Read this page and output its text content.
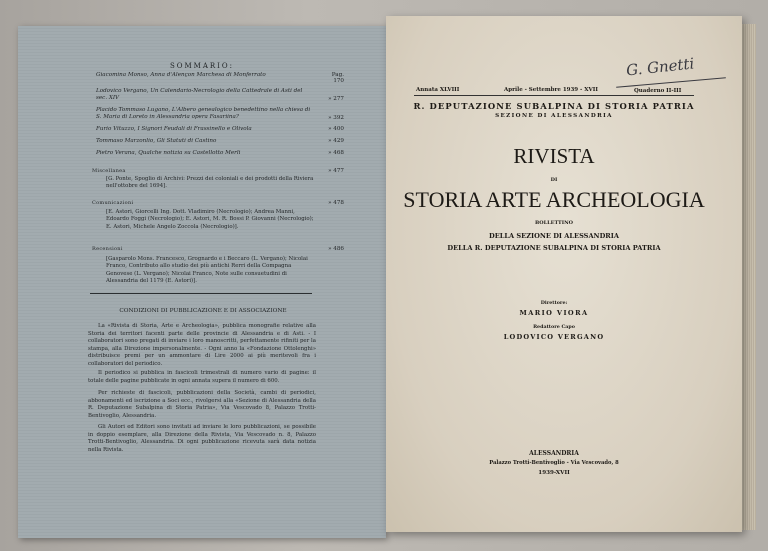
SOMMARIO:
Giacomina Monso, Anna d'Alençon Marchesa di Monferrato	Pag. 170
Lodovico Vergano, Un Calendario-Necrologio della Cattedrale di Asti del sec. XIV	» 277
Placido Tommaso Lugano, L'Albero genealogico benedettino nella chiesa di S. Maria di Loreto in Alessandria opera Fasariina?	» 392
Furio Vituzzo, I Signori Feudali di Frassinello e Olivola	» 400
Tommaso Marzonlio, Gli Statuti di Castino	» 429
Pietro Verana, Qualche notizia su Castellotto Merli	» 468
Miscellanea	» 477
[G. Ponte, Spoglio di Archivi: Prezzi dei coloniali e dei prodotti della Riviera nell'ottobre del 1694].
Comunicazioni	» 478
[E. Astori, Giorcelli Ing. Dott. Vladimiro (Necrologio); Andrea Manni, Edoardo Foggi (Necrologio); E. Astori, M. R. Bossi P. Giovanni (Necrologio); E. Astori, Michele Angelo Zoccola (Necrologio)].
Recensioni	» 486
[Gasparolo Mons. Francesco, Grognardo e i Beccaro (L. Vergano); Nicolai Franco, Contributo allo studio dei più antichi Rerri della Compagna Genovese (L. Vergano); Nicolai Franco, Note sulle consuetudini di Alessandria del 1179 (E. Astori)].
CONDIZIONI DI PUBBLICAZIONE E DI ASSOCIAZIONE
La «Rivista di Storia, Arte e Archeologia», pubblica monografie relative alla Storia dei territori facenti parte delle provincie di Alessandria e di Asti. - I collaboratori sono pregati di inviare i loro manoscritti, perfettamente rifiniti per la stampa, alla Direzione impersonalmente. - Ogni anno la «Fondazione Ottolenghi» distribuisce premi per un ammontare di Lire 2000 ai più meritevoli fra i collaboratori del periodico.
Il periodico si pubblica in fascicoli trimestrali di numero vario di pagine: il totale delle pagine pubblicate in ogni annata supera il numero di 600.
Per richieste di fascicoli, pubblicazioni della Società, cambi di periodici, abbonamenti ed iscrizione a Soci ecc., rivolgersi alla «Sezione di Alessandria della R. Deputazione Subalpina di Storia Patria», Via Vescovado 8, Palazzo Trotti-Bentivoglio, Alessandria.
Gli Autori ed Editori sono invitati ad inviare le loro pubblicazioni, se possibile in doppio esemplare, alla Direzione della Rivista, Via Vescovado n. 8, Palazzo Trotti-Bentivoglio, Alessandria. Di ogni pubblicazione ricevuta sarà data notizia nella Rivista.
G. Gnetti
Annata XLVIII	Aprile - Settembre 1939 - XVII	Quaderno II-III
R. DEPUTAZIONE SUBALPINA DI STORIA PATRIA
SEZIONE DI ALESSANDRIA
RIVISTA
DI
STORIA ARTE ARCHEOLOGIA
BOLLETTINO
DELLA SEZIONE DI ALESSANDRIA
DELLA R. DEPUTAZIONE SUBALPINA DI STORIA PATRIA
Direttore:
MARIO VIORA
Redattore Capo
LODOVICO VERGANO
ALESSANDRIA
Palazzo Trotti-Bentivoglio - Via Vescovado, 8
1939-XVII
